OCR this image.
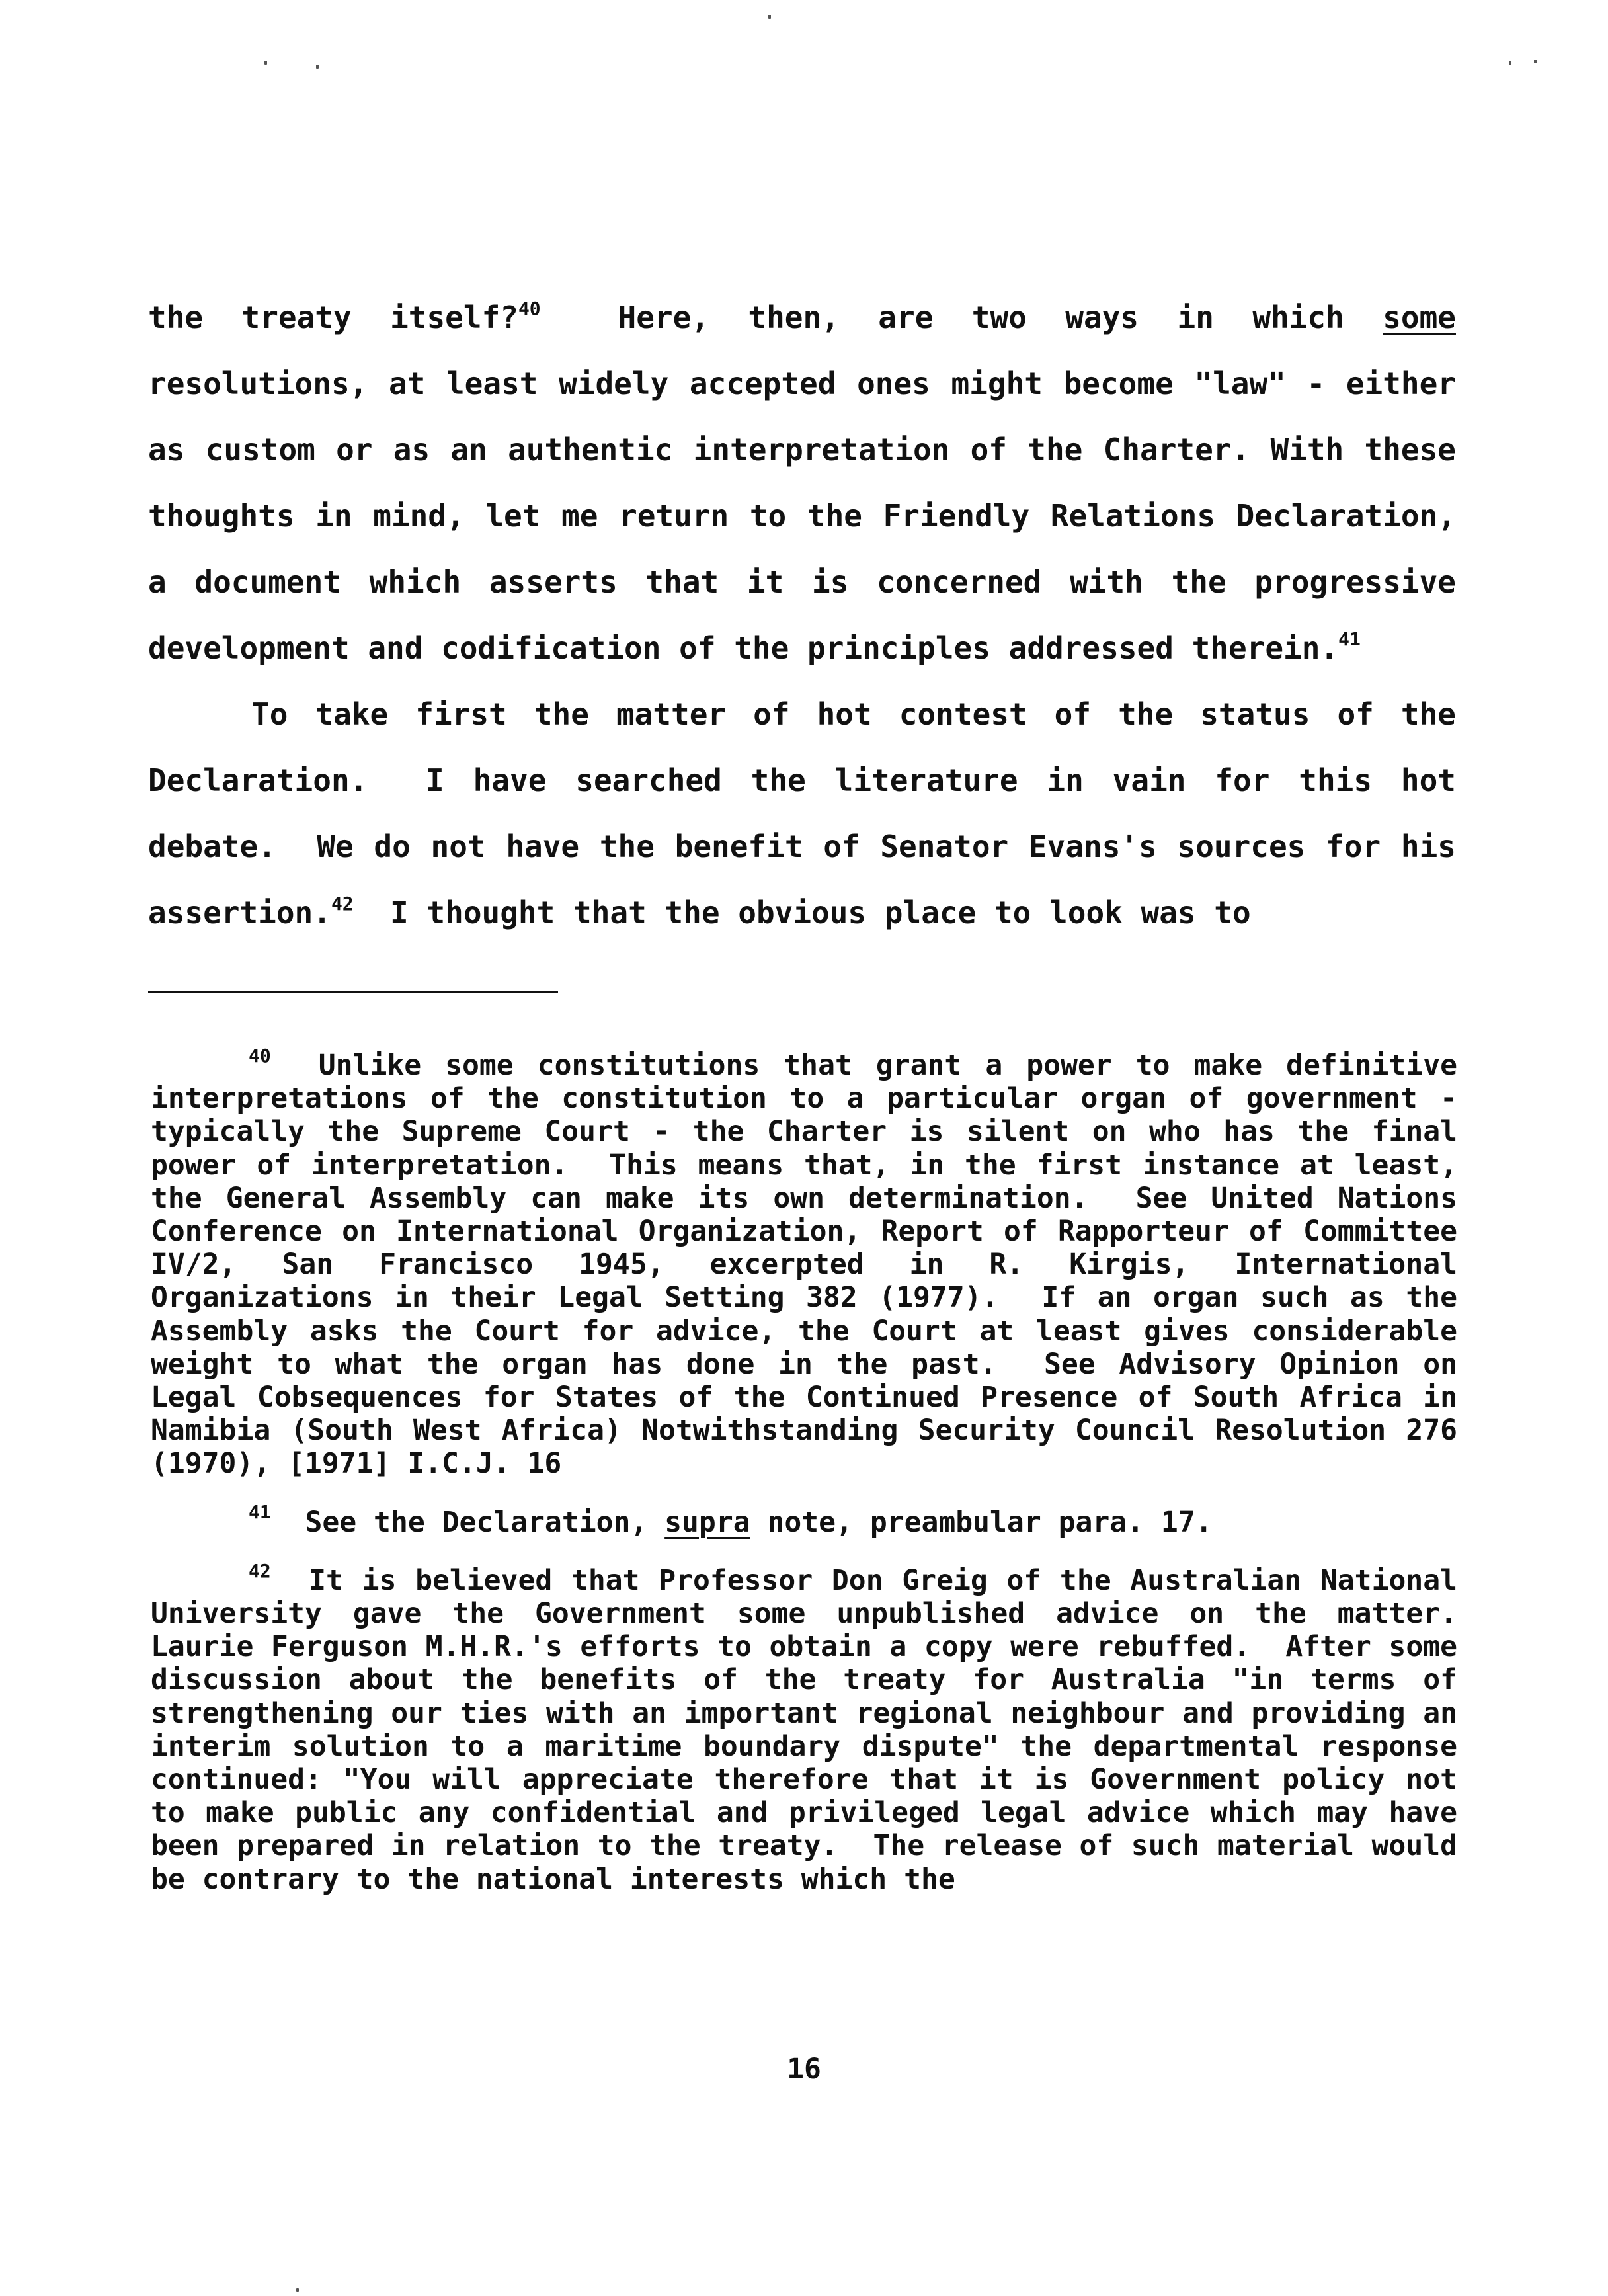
the treaty itself?$^{40}$  Here, then, are two ways in which some resolutions, at least widely accepted ones might become "law" - either as custom or as an authentic interpretation of the Charter. With these thoughts in mind, let me return to the Friendly Relations Declaration, a document which asserts that it is concerned with the progressive development and codification of the principles addressed therein.$^{41}$

To take first the matter of hot contest of the status of the Declaration.  I have searched the literature in vain for this hot debate.  We do not have the benefit of Senator Evans's sources for his assertion.$^{42}$  I thought that the obvious place to look was to

$^{40}$ Unlike some constitutions that grant a power to make definitive interpretations of the constitution to a particular organ of government - typically the Supreme Court - the Charter is silent on who has the final power of interpretation.  This means that, in the first instance at least, the General Assembly can make its own determination.  See United Nations Conference on International Organization, Report of Rapporteur of Committee IV/2, San Francisco 1945, excerpted in R. Kirgis, International Organizations in their Legal Setting 382 (1977).  If an organ such as the Assembly asks the Court for advice, the Court at least gives considerable weight to what the organ has done in the past.  See Advisory Opinion on Legal Cobsequences for States of the Continued Presence of South Africa in Namibia (South West Africa) Notwithstanding Security Council Resolution 276 (1970), [1971] I.C.J. 16

$^{41}$ See the Declaration, supra note, preambular para. 17.

$^{42}$ It is believed that Professor Don Greig of the Australian National University gave the Government some unpublished advice on the matter.  Laurie Ferguson M.H.R.'s efforts to obtain a copy were rebuffed.  After some discussion about the benefits of the treaty for Australia "in terms of strengthening our ties with an important regional neighbour and providing an interim solution to a maritime boundary dispute" the departmental response continued: "You will appreciate therefore that it is Government policy not to make public any confidential and privileged legal advice which may have been prepared in relation to the treaty.  The release of such material would be contrary to the national interests which the

16
